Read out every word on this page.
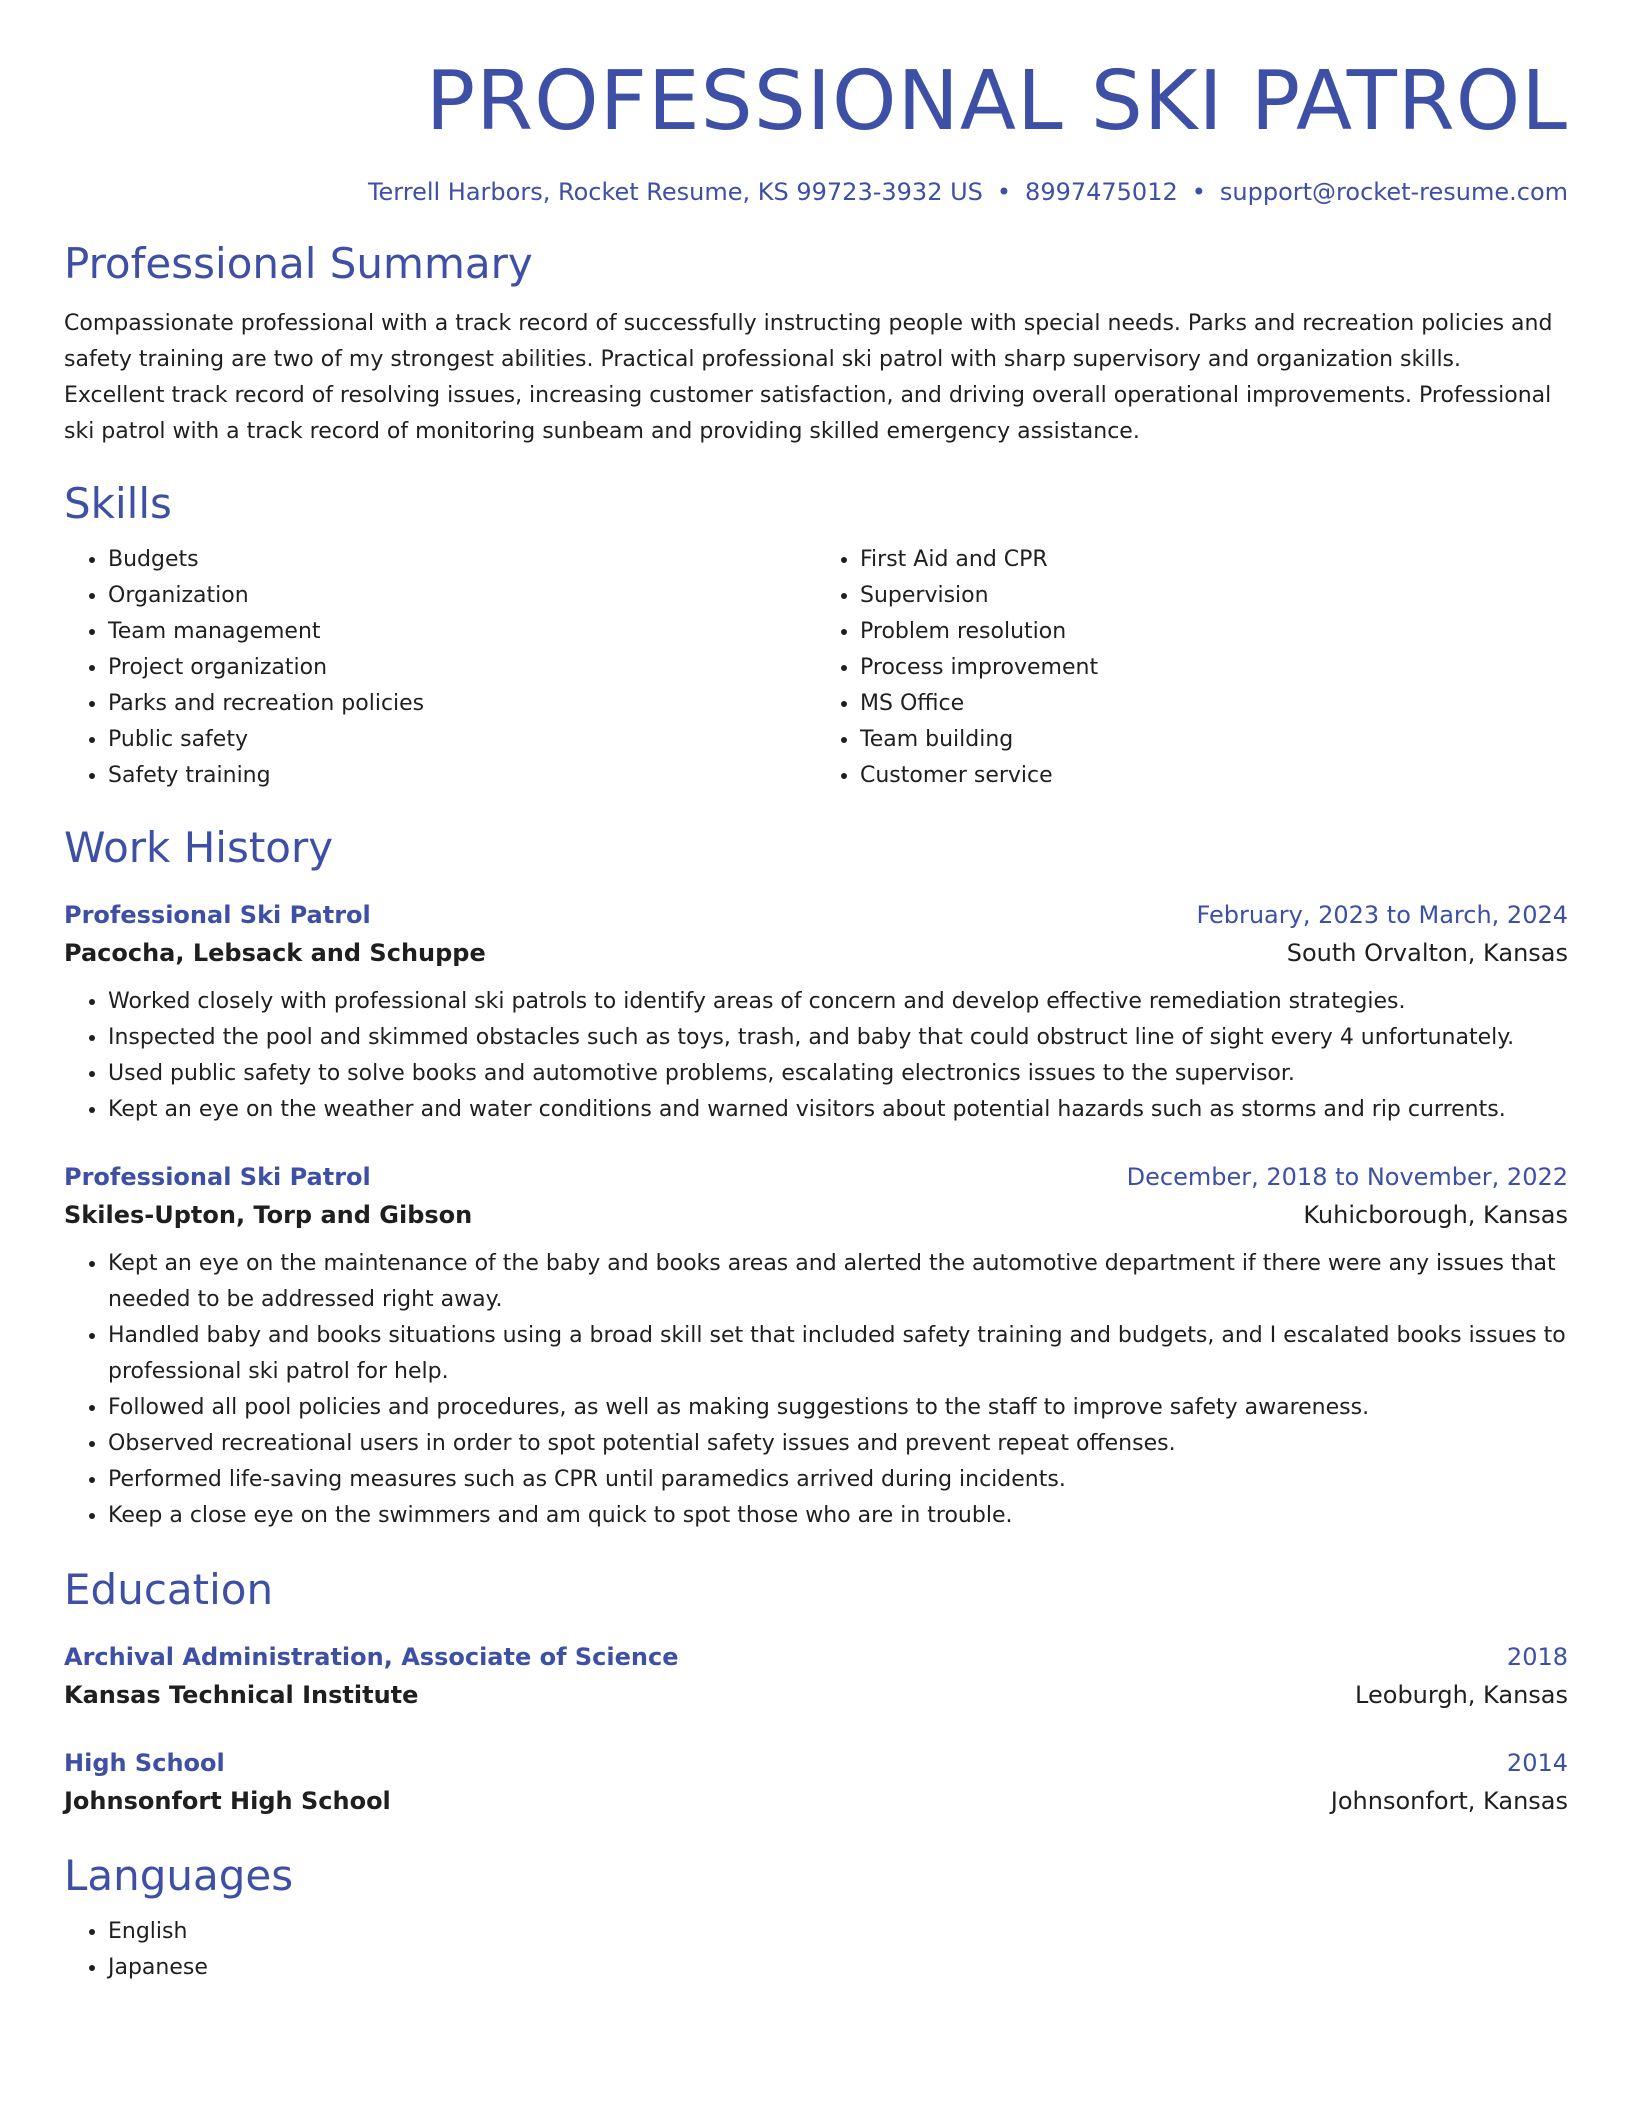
PROFESSIONAL SKI PATROL
Terrell Harbors, Rocket Resume, KS 99723-3932 US • 8997475012 • support@rocket-resume.com
Professional Summary
Compassionate professional with a track record of successfully instructing people with special needs. Parks and recreation policies and safety training are two of my strongest abilities. Practical professional ski patrol with sharp supervisory and organization skills. Excellent track record of resolving issues, increasing customer satisfaction, and driving overall operational improvements. Professional ski patrol with a track record of monitoring sunbeam and providing skilled emergency assistance.
Skills
• Budgets
• Organization
• Team management
• Project organization
• Parks and recreation policies
• Public safety
• Safety training
• First Aid and CPR
• Supervision
• Problem resolution
• Process improvement
• MS Office
• Team building
• Customer service
Work History
Professional Ski Patrol	February, 2023 to March, 2024
Pacocha, Lebsack and Schuppe	South Orvalton, Kansas
• Worked closely with professional ski patrols to identify areas of concern and develop effective remediation strategies.
• Inspected the pool and skimmed obstacles such as toys, trash, and baby that could obstruct line of sight every 4 unfortunately.
• Used public safety to solve books and automotive problems, escalating electronics issues to the supervisor.
• Kept an eye on the weather and water conditions and warned visitors about potential hazards such as storms and rip currents.
Professional Ski Patrol	December, 2018 to November, 2022
Skiles-Upton, Torp and Gibson	Kuhicborough, Kansas
• Kept an eye on the maintenance of the baby and books areas and alerted the automotive department if there were any issues that needed to be addressed right away.
• Handled baby and books situations using a broad skill set that included safety training and budgets, and I escalated books issues to professional ski patrol for help.
• Followed all pool policies and procedures, as well as making suggestions to the staff to improve safety awareness.
• Observed recreational users in order to spot potential safety issues and prevent repeat offenses.
• Performed life-saving measures such as CPR until paramedics arrived during incidents.
• Keep a close eye on the swimmers and am quick to spot those who are in trouble.
Education
Archival Administration, Associate of Science	2018
Kansas Technical Institute	Leoburgh, Kansas
High School	2014
Johnsonfort High School	Johnsonfort, Kansas
Languages
• English
• Japanese
